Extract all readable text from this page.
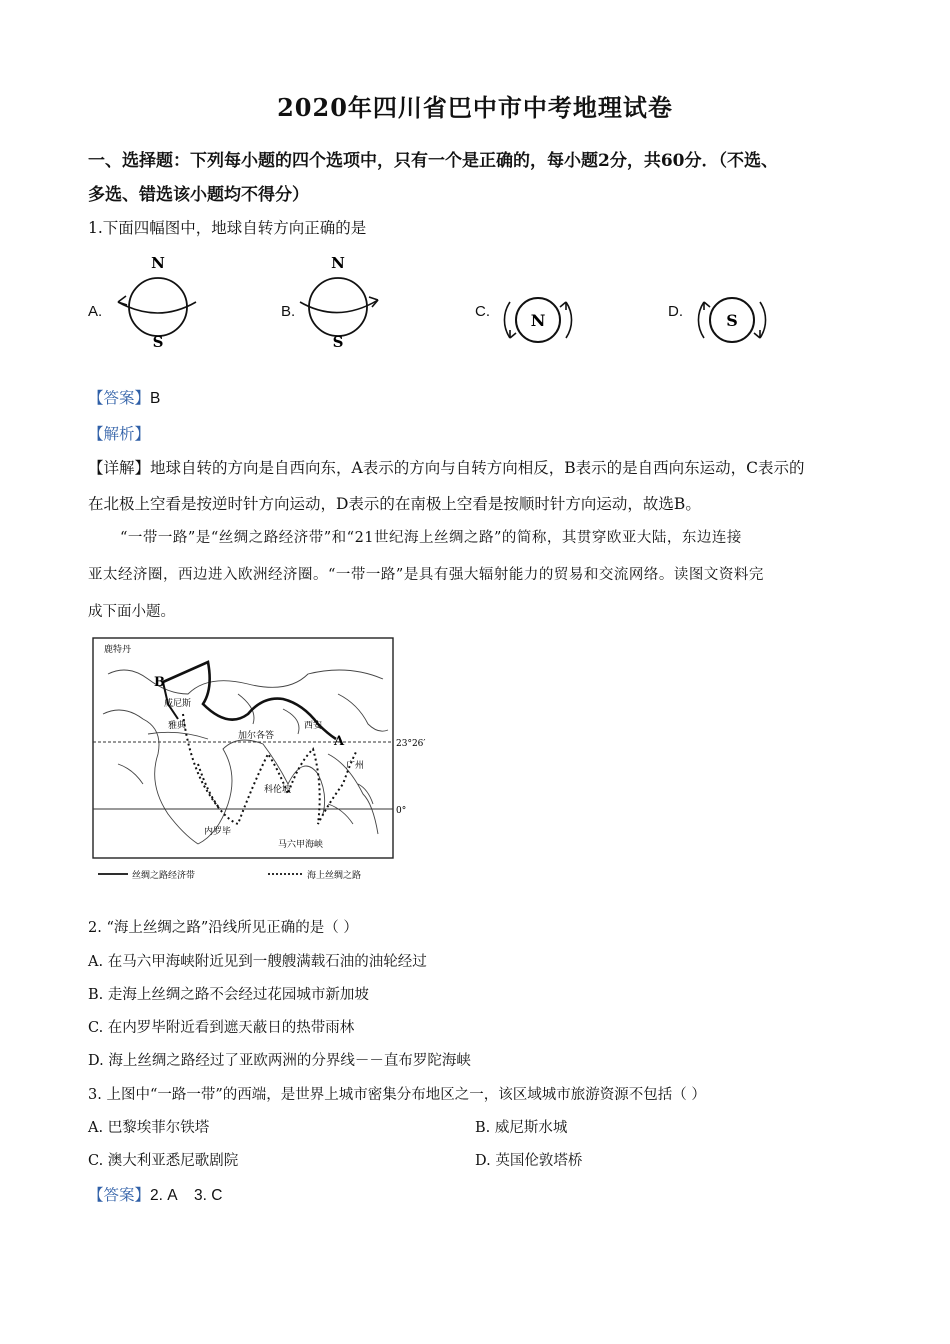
2020年四川省巴中市中考地理试卷
一、选择题：下列每小题的四个选项中，只有一个是正确的，每小题2分，共60分．（不选、
多选、错选该小题均不得分）
1.下面四幅图中，地球自转方向正确的是
A.	B.	C.	D.
N
S
N
S
N	S
【答案】B
【解析】
【详解】地球自转的方向是自西向东，A表示的方向与自转方向相反，B表示的是自西向东运动，C表示的
在北极上空看是按逆时针方向运动，D表示的在南极上空看是按顺时针方向运动，故选B。
“一带一路”是“丝绸之路经济带”和“21世纪海上丝绸之路”的简称，其贯穿欧亚大陆，东边连接
亚太经济圈，西边进入欧洲经济圈。“一带一路”是具有强大辐射能力的贸易和交流网络。读图文资料完
成下面小题。
23°26′
0°
鹿特丹
B
威尼斯
雅典
加尔各答
西安
A
广州
科伦坡
内罗毕
马六甲海峡
丝绸之路经济带	海上丝绸之路
2. “海上丝绸之路”沿线所见正确的是（ ）
A. 在马六甲海峡附近见到一艘艘满载石油的油轮经过
B. 走海上丝绸之路不会经过花园城市新加坡
C. 在内罗毕附近看到遮天蔽日的热带雨林
D. 海上丝绸之路经过了亚欧两洲的分界线－－直布罗陀海峡
3. 上图中“一路一带”的西端，是世界上城市密集分布地区之一，该区域城市旅游资源不包括（ ）
A. 巴黎埃菲尔铁塔	B. 威尼斯水城
C. 澳大利亚悉尼歌剧院	D. 英国伦敦塔桥
【答案】2. A    3. C
